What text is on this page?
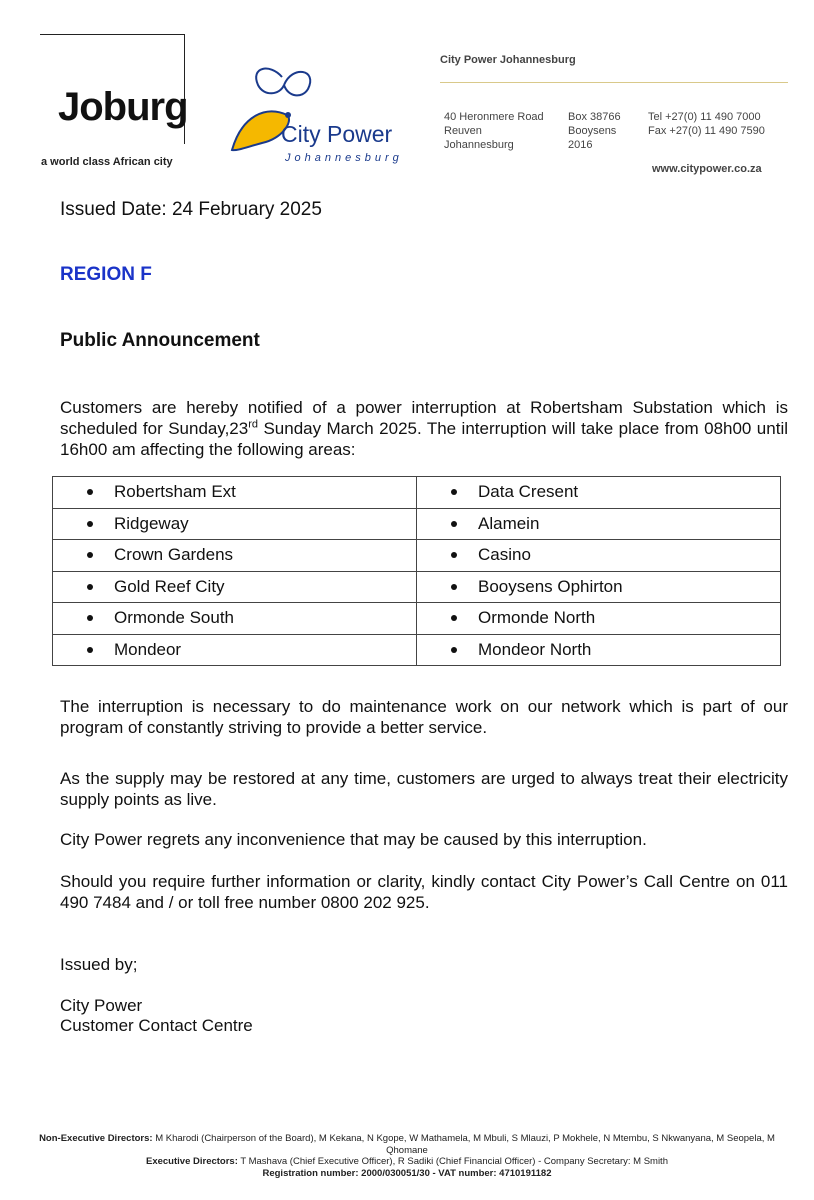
Joburg
a world class African city
City Power
Johannesburg
City Power Johannesburg
40 Heronmere Road
Reuven
Johannesburg
Box 38766
Booysens
2016
Tel +27(0) 11 490 7000
Fax +27(0) 11 490 7590
www.citypower.co.za
Issued Date: 24 February 2025
REGION F
Public Announcement
Customers are hereby notified of a power interruption at Robertsham Substation which is scheduled for Sunday,23rd Sunday March 2025. The interruption will take place from 08h00 until 16h00 am affecting the following areas:
Robertsham Ext	Data Cresent

Ridgeway	Alamein

Crown Gardens	Casino

Gold Reef City	Booysens Ophirton

Ormonde South	Ormonde North

Mondeor	Mondeor North
The interruption is necessary to do maintenance work on our network which is part of our program of constantly striving to provide a better service.
As the supply may be restored at any time, customers are urged to always treat their electricity supply points as live.
City Power regrets any inconvenience that may be caused by this interruption.
Should you require further information or clarity, kindly contact City Power’s Call Centre on 011 490 7484 and / or toll free number 0800 202 925.
Issued by;
City Power
Customer Contact Centre
Non-Executive Directors: M Kharodi (Chairperson of the Board), M Kekana, N Kgope, W Mathamela, M Mbuli, S Mlauzi, P Mokhele, N Mtembu, S Nkwanyana, M Seopela, M Qhomane
Executive Directors: T Mashava (Chief Executive Officer), R Sadiki (Chief Financial Officer) - Company Secretary: M Smith
Registration number: 2000/030051/30 - VAT number: 4710191182
